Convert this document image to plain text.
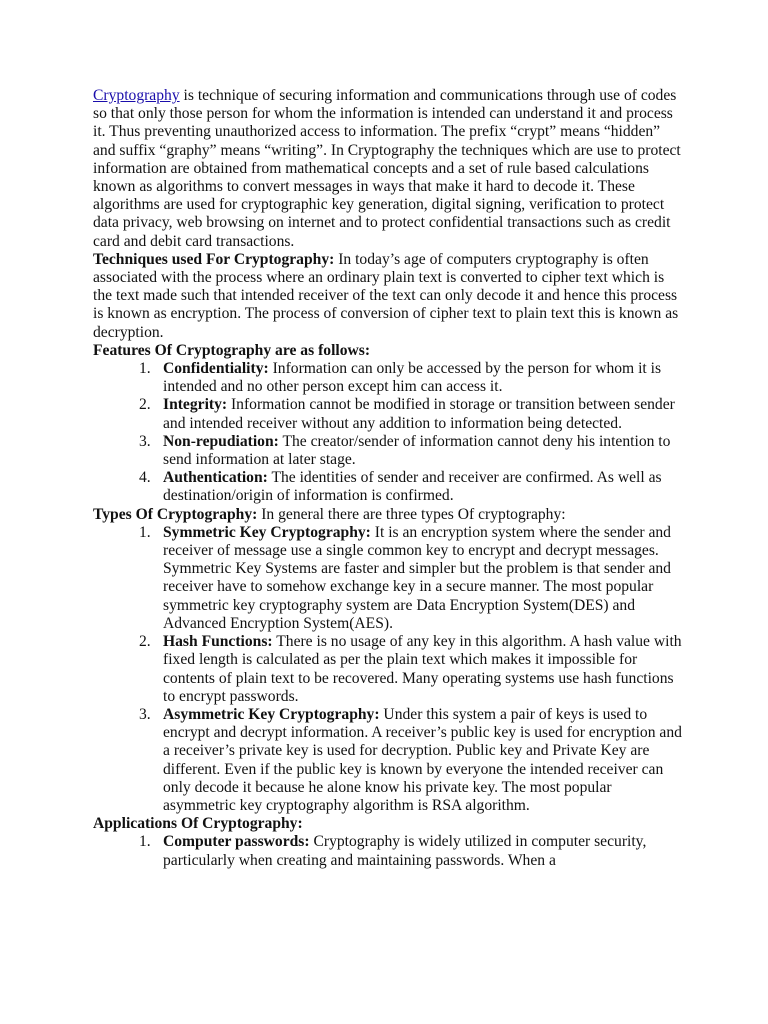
Cryptography is technique of securing information and communications through use of codes so that only those person for whom the information is intended can understand it and process it. Thus preventing unauthorized access to information. The prefix “crypt” means “hidden” and suffix “graphy” means “writing”. In Cryptography the techniques which are use to protect information are obtained from mathematical concepts and a set of rule based calculations known as algorithms to convert messages in ways that make it hard to decode it. These algorithms are used for cryptographic key generation, digital signing, verification to protect data privacy, web browsing on internet and to protect confidential transactions such as credit card and debit card transactions.

Techniques used For Cryptography: In today’s age of computers cryptography is often associated with the process where an ordinary plain text is converted to cipher text which is the text made such that intended receiver of the text can only decode it and hence this process is known as encryption. The process of conversion of cipher text to plain text this is known as decryption.

Features Of Cryptography are as follows:

1. Confidentiality: Information can only be accessed by the person for whom it is intended and no other person except him can access it.
2. Integrity: Information cannot be modified in storage or transition between sender and intended receiver without any addition to information being detected.
3. Non-repudiation: The creator/sender of information cannot deny his intention to send information at later stage.
4. Authentication: The identities of sender and receiver are confirmed. As well as destination/origin of information is confirmed.

Types Of Cryptography: In general there are three types Of cryptography:

1. Symmetric Key Cryptography: It is an encryption system where the sender and receiver of message use a single common key to encrypt and decrypt messages. Symmetric Key Systems are faster and simpler but the problem is that sender and receiver have to somehow exchange key in a secure manner. The most popular symmetric key cryptography system are Data Encryption System(DES) and Advanced Encryption System(AES).
2. Hash Functions: There is no usage of any key in this algorithm. A hash value with fixed length is calculated as per the plain text which makes it impossible for contents of plain text to be recovered. Many operating systems use hash functions to encrypt passwords.
3. Asymmetric Key Cryptography: Under this system a pair of keys is used to encrypt and decrypt information. A receiver’s public key is used for encryption and a receiver’s private key is used for decryption. Public key and Private Key are different. Even if the public key is known by everyone the intended receiver can only decode it because he alone know his private key. The most popular asymmetric key cryptography algorithm is RSA algorithm.

Applications Of Cryptography:

1. Computer passwords: Cryptography is widely utilized in computer security, particularly when creating and maintaining passwords. When a
